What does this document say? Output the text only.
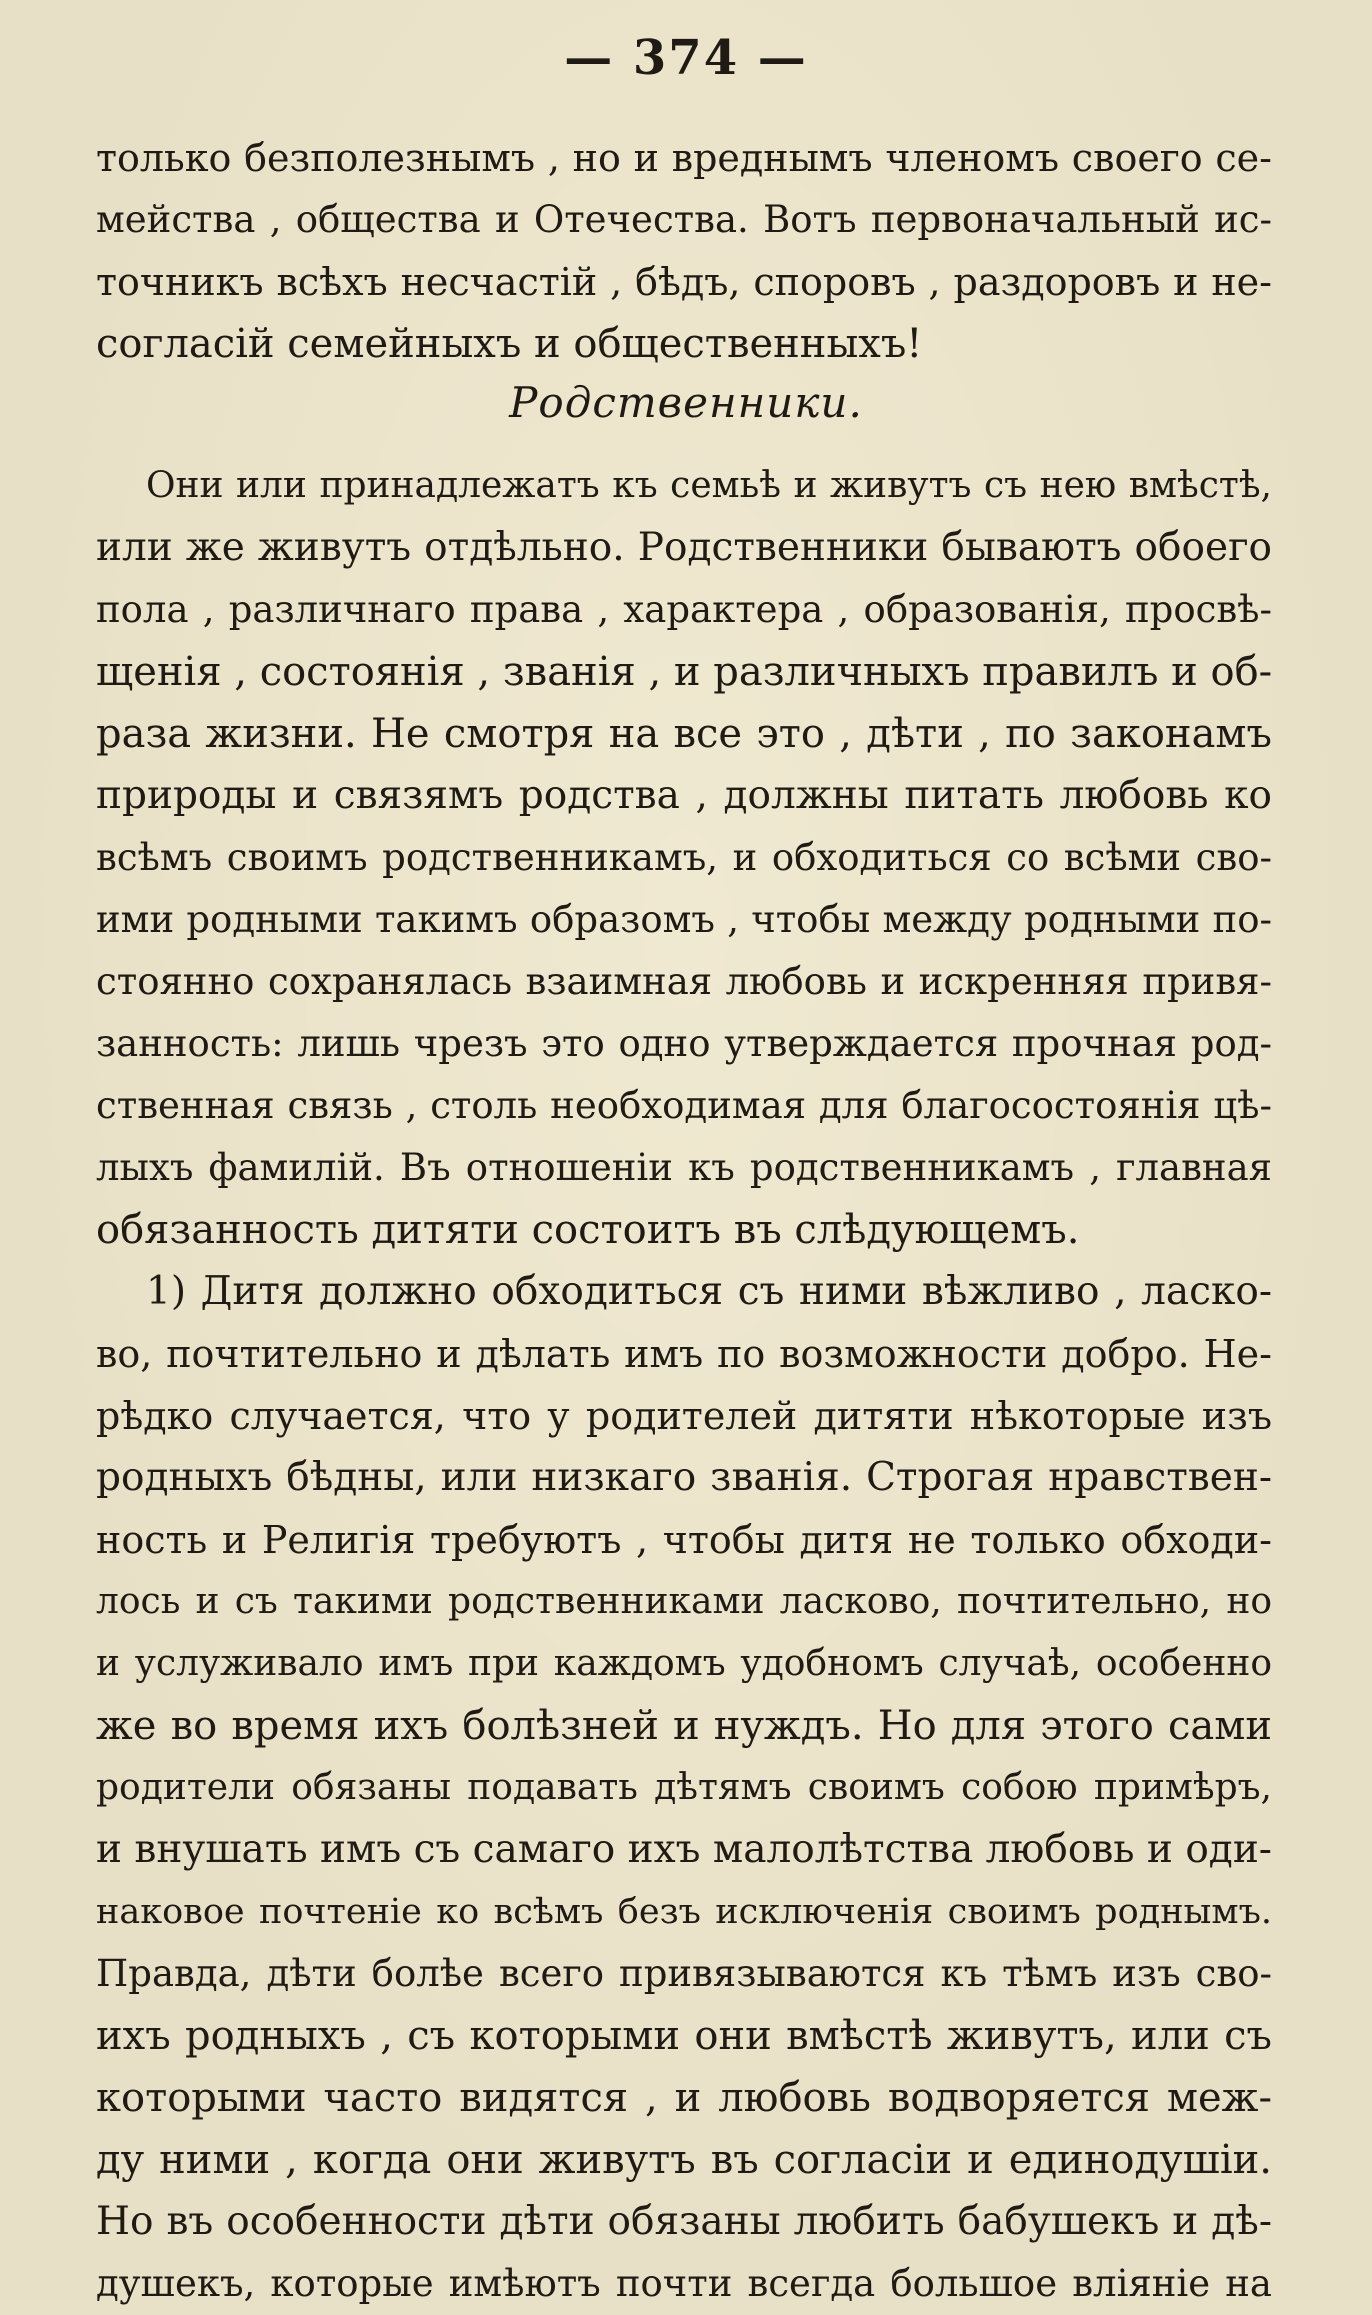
— 374 —
только безполезнымъ , но и вреднымъ членомъ своего се-
мейства , общества и Отечества. Вотъ первоначальный ис-
точникъ всѣхъ несчастій , бѣдъ, споровъ , раздоровъ и не-
согласій семейныхъ и общественныхъ!
Родственники.
Они или принадлежатъ къ семьѣ и живутъ съ нею вмѣстѣ,
или же живутъ отдѣльно. Родственники бываютъ обоего
пола , различнаго права , характера , образованія, просвѣ-
щенія , состоянія , званія , и различныхъ правилъ и об-
раза жизни. Не смотря на все это , дѣти , по законамъ
природы и связямъ родства , должны питать любовь ко
всѣмъ своимъ родственникамъ, и обходиться со всѣми сво-
ими родными такимъ образомъ , чтобы между родными по-
стоянно сохранялась взаимная любовь и искренняя привя-
занность: лишь чрезъ это одно утверждается прочная род-
ственная связь , столь необходимая для благосостоянія цѣ-
лыхъ фамилій. Въ отношеніи къ родственникамъ , главная
обязанность дитяти состоитъ въ слѣдующемъ.
1) Дитя должно обходиться съ ними вѣжливо , ласко-
во, почтительно и дѣлать имъ по возможности добро. Не-
рѣдко случается, что у родителей дитяти нѣкоторые изъ
родныхъ бѣдны, или низкаго званія. Строгая нравствен-
ность и Религія требуютъ , чтобы дитя не только обходи-
лось и съ такими родственниками ласково, почтительно, но
и услуживало имъ при каждомъ удобномъ случаѣ, особенно
же во время ихъ болѣзней и нуждъ. Но для этого сами
родители обязаны подавать дѣтямъ своимъ собою примѣръ,
и внушать имъ съ самаго ихъ малолѣтства любовь и оди-
наковое почтеніе ко всѣмъ безъ исключенія своимъ роднымъ.
Правда, дѣти болѣе всего привязываются къ тѣмъ изъ сво-
ихъ родныхъ , съ которыми они вмѣстѣ живутъ, или съ
которыми часто видятся , и любовь водворяется меж-
ду ними , когда они живутъ въ согласіи и единодушіи.
Но въ особенности дѣти обязаны любить бабушекъ и дѣ-
душекъ, которые имѣютъ почти всегда большое вліяніе на
